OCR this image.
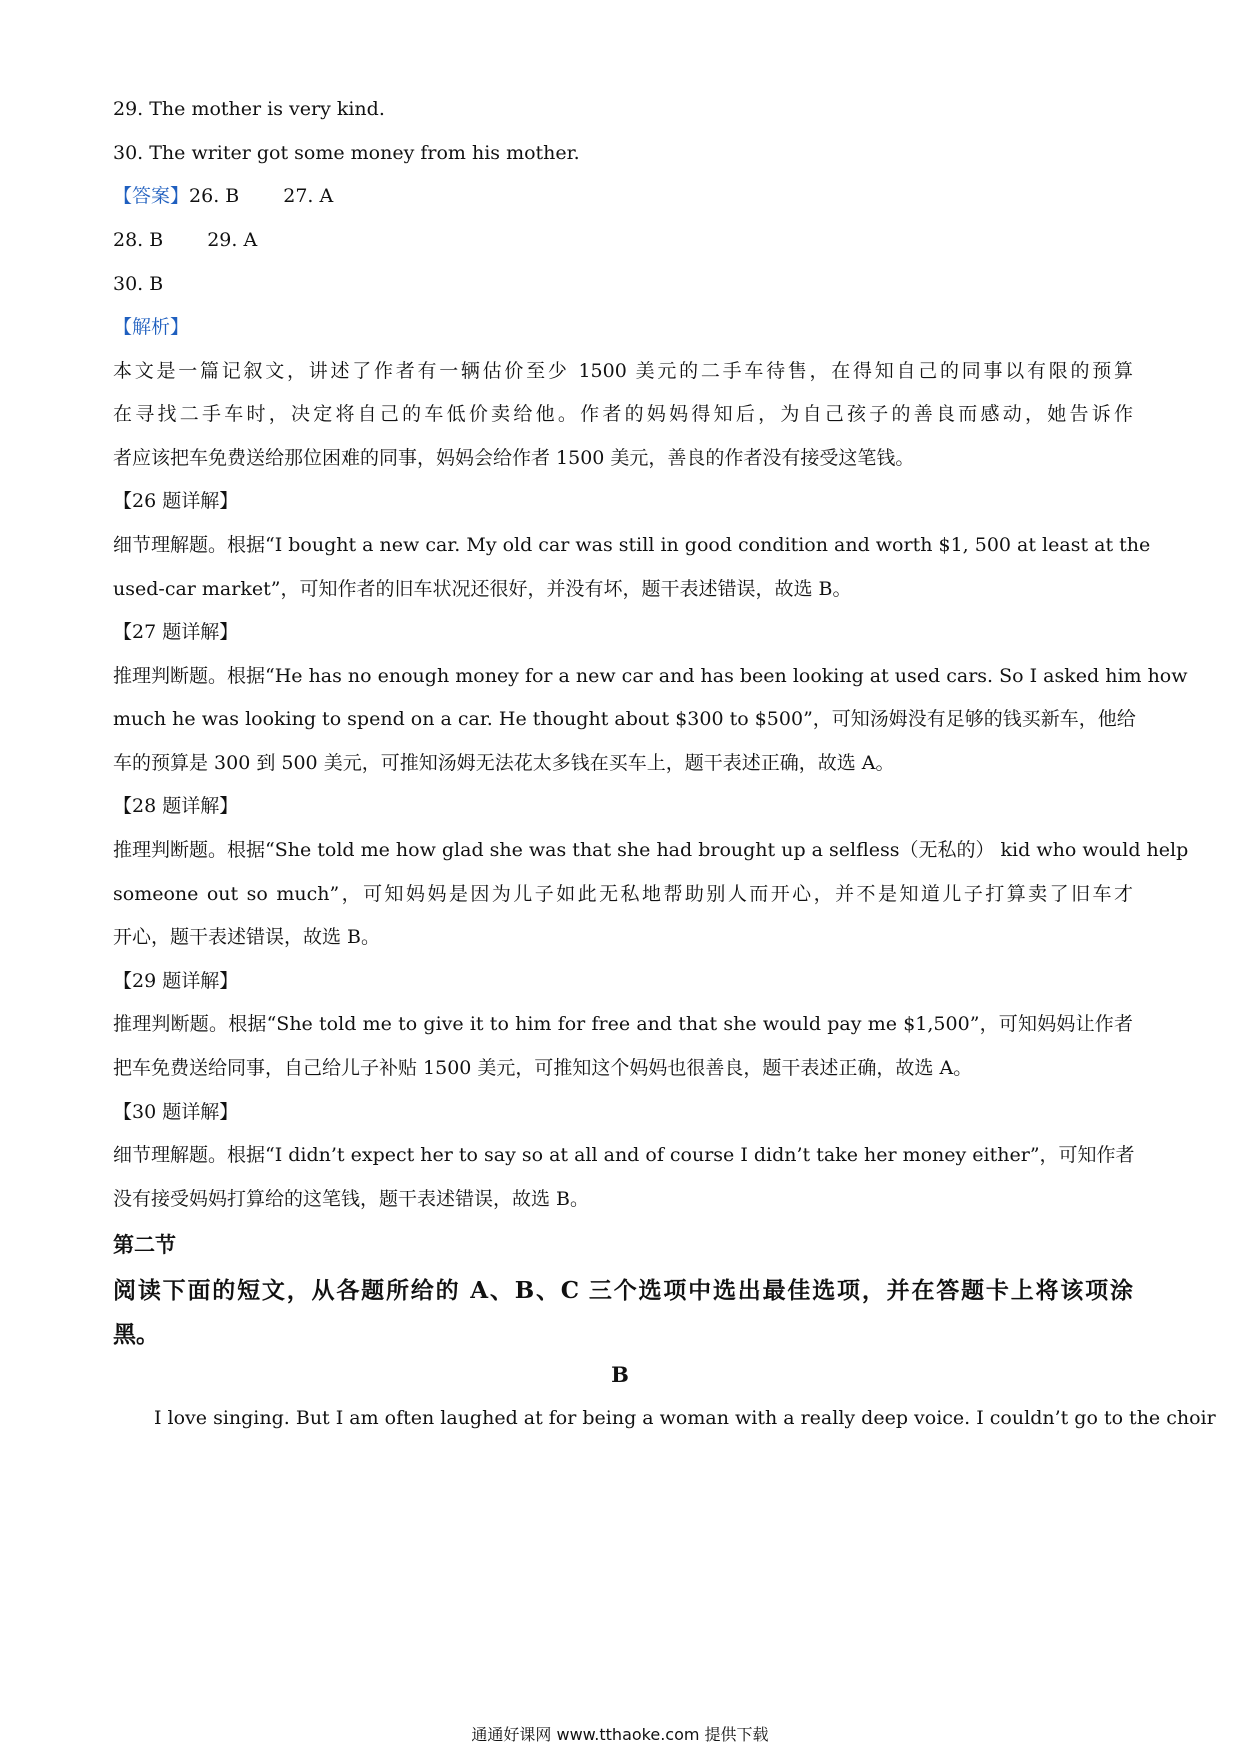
29. The mother is very kind.
30. The writer got some money from his mother.
【答案】26. B 27. A
28. B 29. A
30. B
【解析】
本文是一篇记叙文，讲述了作者有一辆估价至少 1500 美元的二手车待售，在得知自己的同事以有限的预算
在寻找二手车时，决定将自己的车低价卖给他。作者的妈妈得知后，为自己孩子的善良而感动，她告诉作
者应该把车免费送给那位困难的同事，妈妈会给作者 1500 美元，善良的作者没有接受这笔钱。
【26 题详解】
细节理解题。根据“I bought a new car. My old car was still in good condition and worth $1, 500 at least at the
used-car market”，可知作者的旧车状况还很好，并没有坏，题干表述错误，故选 B。
【27 题详解】
推理判断题。根据“He has no enough money for a new car and has been looking at used cars. So I asked him how
much he was looking to spend on a car. He thought about $300 to $500”，可知汤姆没有足够的钱买新车，他给
车的预算是 300 到 500 美元，可推知汤姆无法花太多钱在买车上，题干表述正确，故选 A。
【28 题详解】
推理判断题。根据“She told me how glad she was that she had brought up a selfless（无私的） kid who would help
someone out so much”，可知妈妈是因为儿子如此无私地帮助别人而开心，并不是知道儿子打算卖了旧车才
开心，题干表述错误，故选 B。
【29 题详解】
推理判断题。根据“She told me to give it to him for free and that she would pay me $1,500”，可知妈妈让作者
把车免费送给同事，自己给儿子补贴 1500 美元，可推知这个妈妈也很善良，题干表述正确，故选 A。
【30 题详解】
细节理解题。根据“I didn’t expect her to say so at all and of course I didn’t take her money either”，可知作者
没有接受妈妈打算给的这笔钱，题干表述错误，故选 B。
第二节
阅读下面的短文，从各题所给的 A、B、C 三个选项中选出最佳选项，并在答题卡上将该项涂
黑。
B
I love singing. But I am often laughed at for being a woman with a really deep voice. I couldn’t go to the choir
通通好课网 www.tthaoke.com 提供下载
